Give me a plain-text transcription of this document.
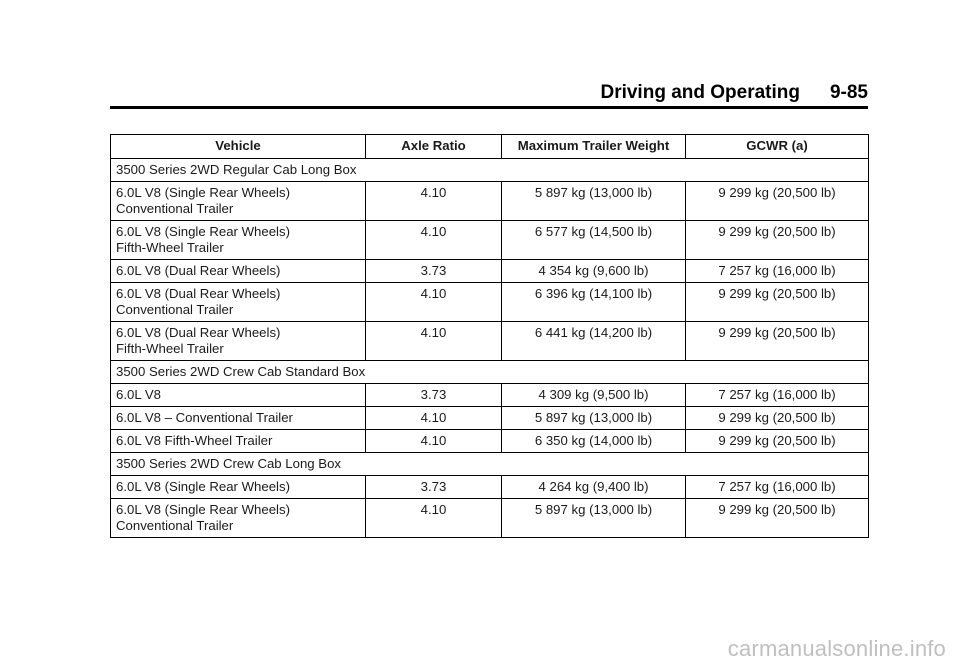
Driving and Operating 9-85
Vehicle	Axle Ratio	Maximum Trailer Weight	GCWR (a)
3500 Series 2WD Regular Cab Long Box			

6.0L V8 (Single Rear Wheels)
Conventional Trailer	4.10	5 897 kg (13,000 lb)	9 299 kg (20,500 lb)

6.0L V8 (Single Rear Wheels)
Fifth-Wheel Trailer	4.10	6 577 kg (14,500 lb)	9 299 kg (20,500 lb)

6.0L V8 (Dual Rear Wheels)	3.73	4 354 kg (9,600 lb)	7 257 kg (16,000 lb)

6.0L V8 (Dual Rear Wheels)
Conventional Trailer	4.10	6 396 kg (14,100 lb)	9 299 kg (20,500 lb)

6.0L V8 (Dual Rear Wheels)
Fifth-Wheel Trailer	4.10	6 441 kg (14,200 lb)	9 299 kg (20,500 lb)
3500 Series 2WD Crew Cab Standard Box			

6.0L V8	3.73	4 309 kg (9,500 lb)	7 257 kg (16,000 lb)

6.0L V8 – Conventional Trailer	4.10	5 897 kg (13,000 lb)	9 299 kg (20,500 lb)

6.0L V8 Fifth-Wheel Trailer	4.10	6 350 kg (14,000 lb)	9 299 kg (20,500 lb)
3500 Series 2WD Crew Cab Long Box			

6.0L V8 (Single Rear Wheels)	3.73	4 264 kg (9,400 lb)	7 257 kg (16,000 lb)

6.0L V8 (Single Rear Wheels)
Conventional Trailer	4.10	5 897 kg (13,000 lb)	9 299 kg (20,500 lb)
carmanualsonline.info
